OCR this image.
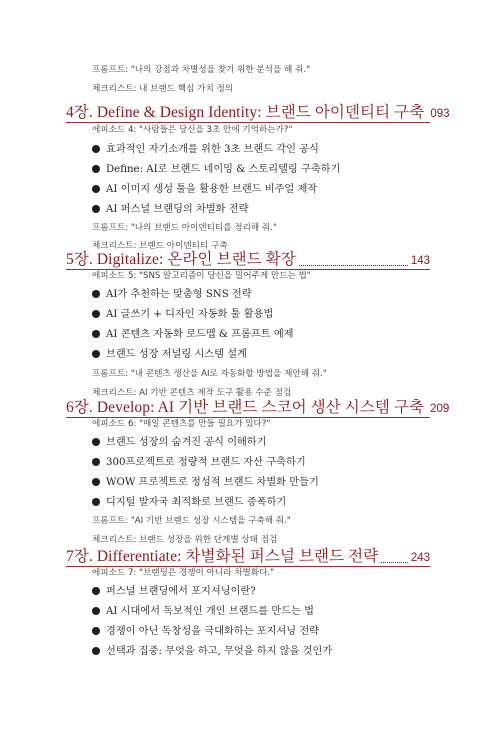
프롬프트: "나의 강점과 차별성을 찾기 위한 분석을 해 줘."
체크리스트: 내 브랜드 핵심 가치 정의
4장. Define & Design Identity: 브랜드 아이덴티티 구축 093
에피소드 4: "사람들은 당신을 3초 안에 기억하는가?"
효과적인 자기소개를 위한 3초 브랜드 각인 공식
Define: AI로 브랜드 네이밍 & 스토리텔링 구축하기
AI 이미지 생성 툴을 활용한 브랜드 비주얼 제작
AI 퍼스널 브랜딩의 차별화 전략
프롬프트: "나의 브랜드 아이덴티티를 정리해 줘."
체크리스트: 브랜드 아이덴티티 구축
5장. Digitalize: 온라인 브랜드 확장	143
에피소드 5: "SNS 알고리즘이 당신을 밀어주게 만드는 법"
AI가 추천하는 맞춤형 SNS 전략
AI 글쓰기 + 디자인 자동화 툴 활용법
AI 콘텐츠 자동화 로드맵 & 프롬프트 예제
브랜드 성장 저널링 시스템 설계
프롬프트: "내 콘텐츠 생산을 AI로 자동화할 방법을 제안해 줘."
체크리스트: AI 기반 콘텐츠 제작 도구 활용 수준 점검
6장. Develop: AI 기반 브랜드 스코어 생산 시스템 구축 209
에피소드 6: "매일 콘텐츠를 만들 필요가 있다?"
브랜드 성장의 숨겨진 공식 이해하기
300프로젝트로 정량적 브랜드 자산 구축하기
WOW 프로젝트로 정성적 브랜드 차별화 만들기
디지털 발자국 최적화로 브랜드 증폭하기
프롬프트: "AI 기반 브랜드 성장 시스템을 구축해 줘."
체크리스트: 브랜드 성장을 위한 단계별 상태 점검
7장. Differentiate: 차별화된 퍼스널 브랜드 전략	243
에피소드 7: "브랜딩은 경쟁이 아니라 차별화다."
퍼스널 브랜딩에서 포지셔닝이란?
AI 시대에서 독보적인 개인 브랜드를 만드는 법
경쟁이 아닌 독창성을 극대화하는 포지셔닝 전략
선택과 집중: 무엇을 하고, 무엇을 하지 않을 것인가
